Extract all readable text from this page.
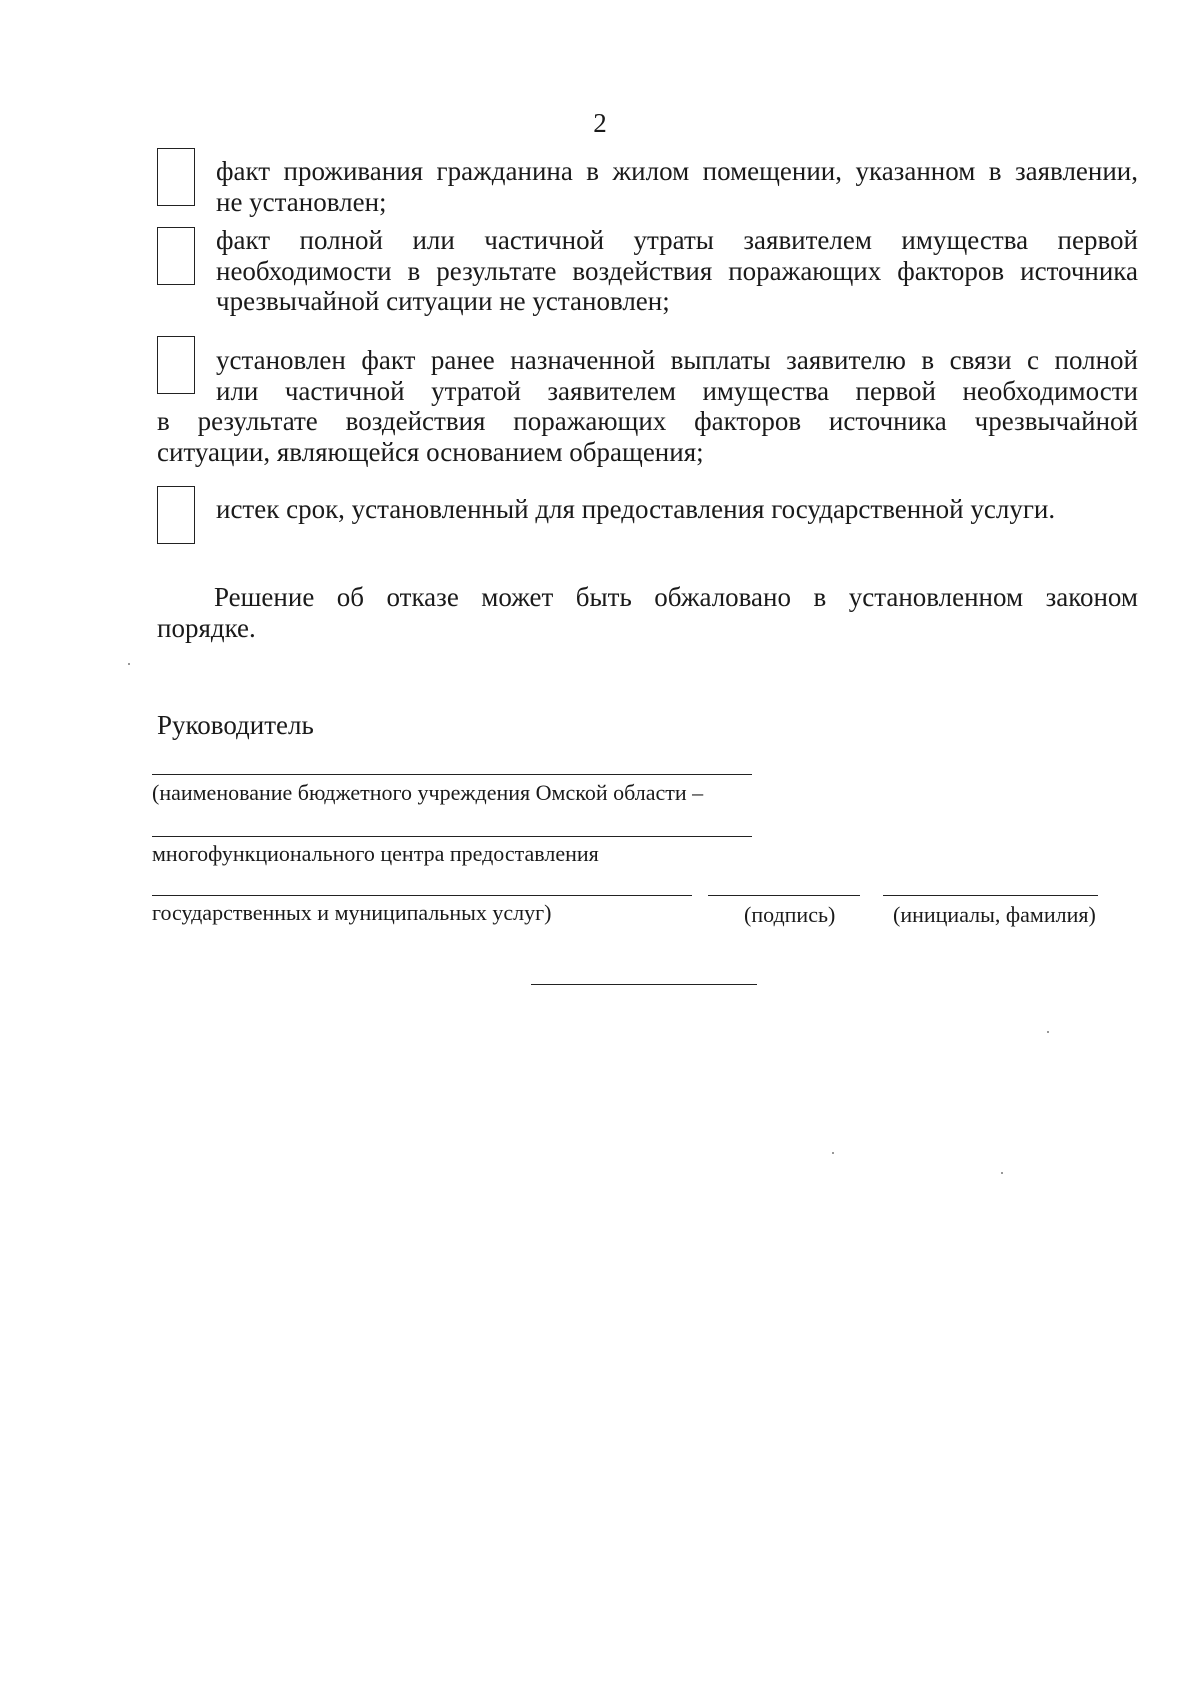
2
факт проживания гражданина в жилом помещении, указанном в заявлении,
не установлен;
факт полной или частичной утраты заявителем имущества первой
необходимости в результате воздействия поражающих факторов источника
чрезвычайной ситуации не установлен;
установлен факт ранее назначенной выплаты заявителю в связи с полной
или частичной утратой заявителем имущества первой необходимости
в результате воздействия поражающих факторов источника чрезвычайной
ситуации, являющейся основанием обращения;
истек срок, установленный для предоставления государственной услуги.
Решение об отказе может быть обжаловано в установленном законом
порядке.
Руководитель
(наименование бюджетного учреждения Омской области –
многофункционального центра предоставления
государственных и муниципальных услуг)	(подпись)	(инициалы, фамилия)
